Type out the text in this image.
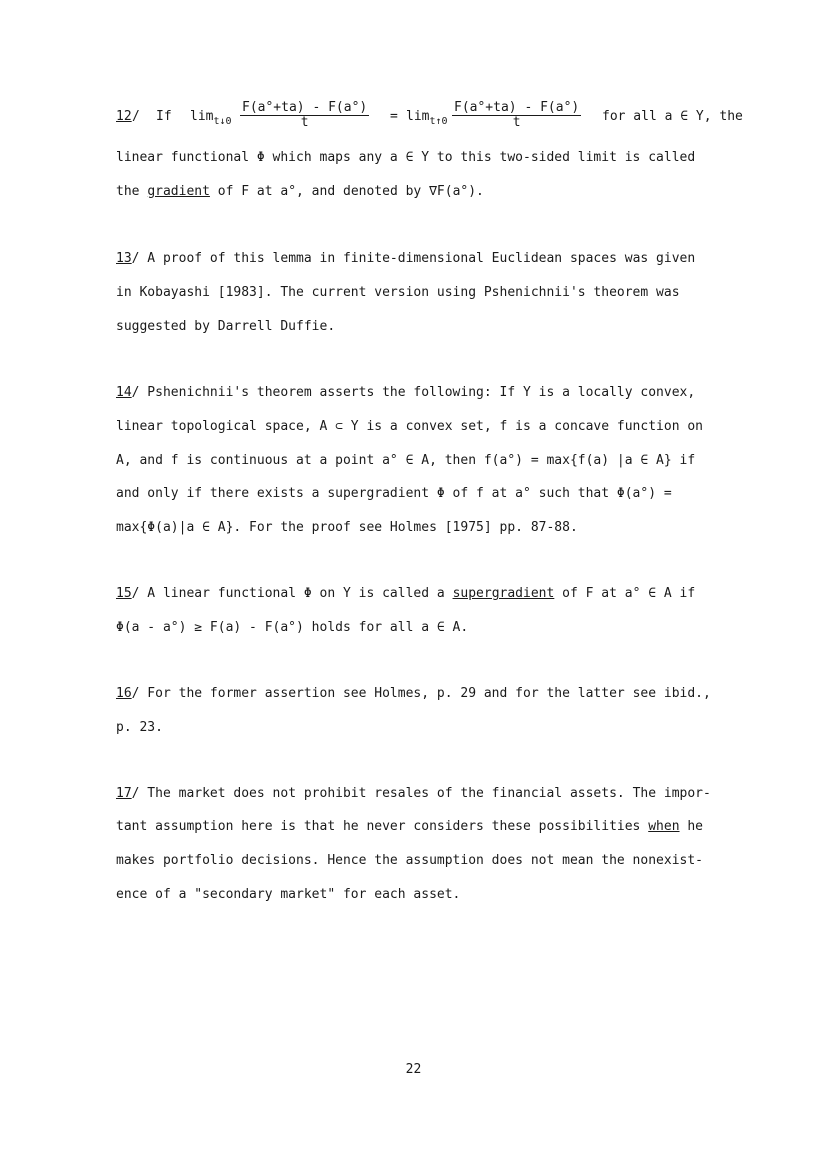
12 / If $\lim_{t↓0} \frac{F(a^\circ+ta) - F(a^\circ)}{t} = \lim_{t↑0} \frac{F(a^\circ+ta) - F(a^\circ)}{t}$ for all a ∈ Y, the
linear functional Φ which maps any a ∈ Y to this two-sided limit is called
the gradient of F at a°, and denoted by ∇F(a°).
13/ A proof of this lemma in finite-dimensional Euclidean spaces was given
in Kobayashi [1983]. The current version using Pshenichnii's theorem was
suggested by Darrell Duffie.
14/ Pshenichnii's theorem asserts the following: If Y is a locally convex,
linear topological space, A ⊂ Y is a convex set, f is a concave function on
A, and f is continuous at a point a° ∈ A, then f(a°) = max{f(a) |a ∈ A} if
and only if there exists a supergradient Φ of f at a° such that Φ(a°) =
max{Φ(a)|a ∈ A}. For the proof see Holmes [1975] pp. 87-88.
15/ A linear functional Φ on Y is called a supergradient of F at a° ∈ A if
Φ(a - a°) ≥ F(a) - F(a°) holds for all a ∈ A.
16/ For the former assertion see Holmes, p. 29 and for the latter see ibid.,
p. 23.
17/ The market does not prohibit resales of the financial assets. The impor-
tant assumption here is that he never considers these possibilities when he
makes portfolio decisions. Hence the assumption does not mean the nonexist-
ence of a "secondary market" for each asset.
22
